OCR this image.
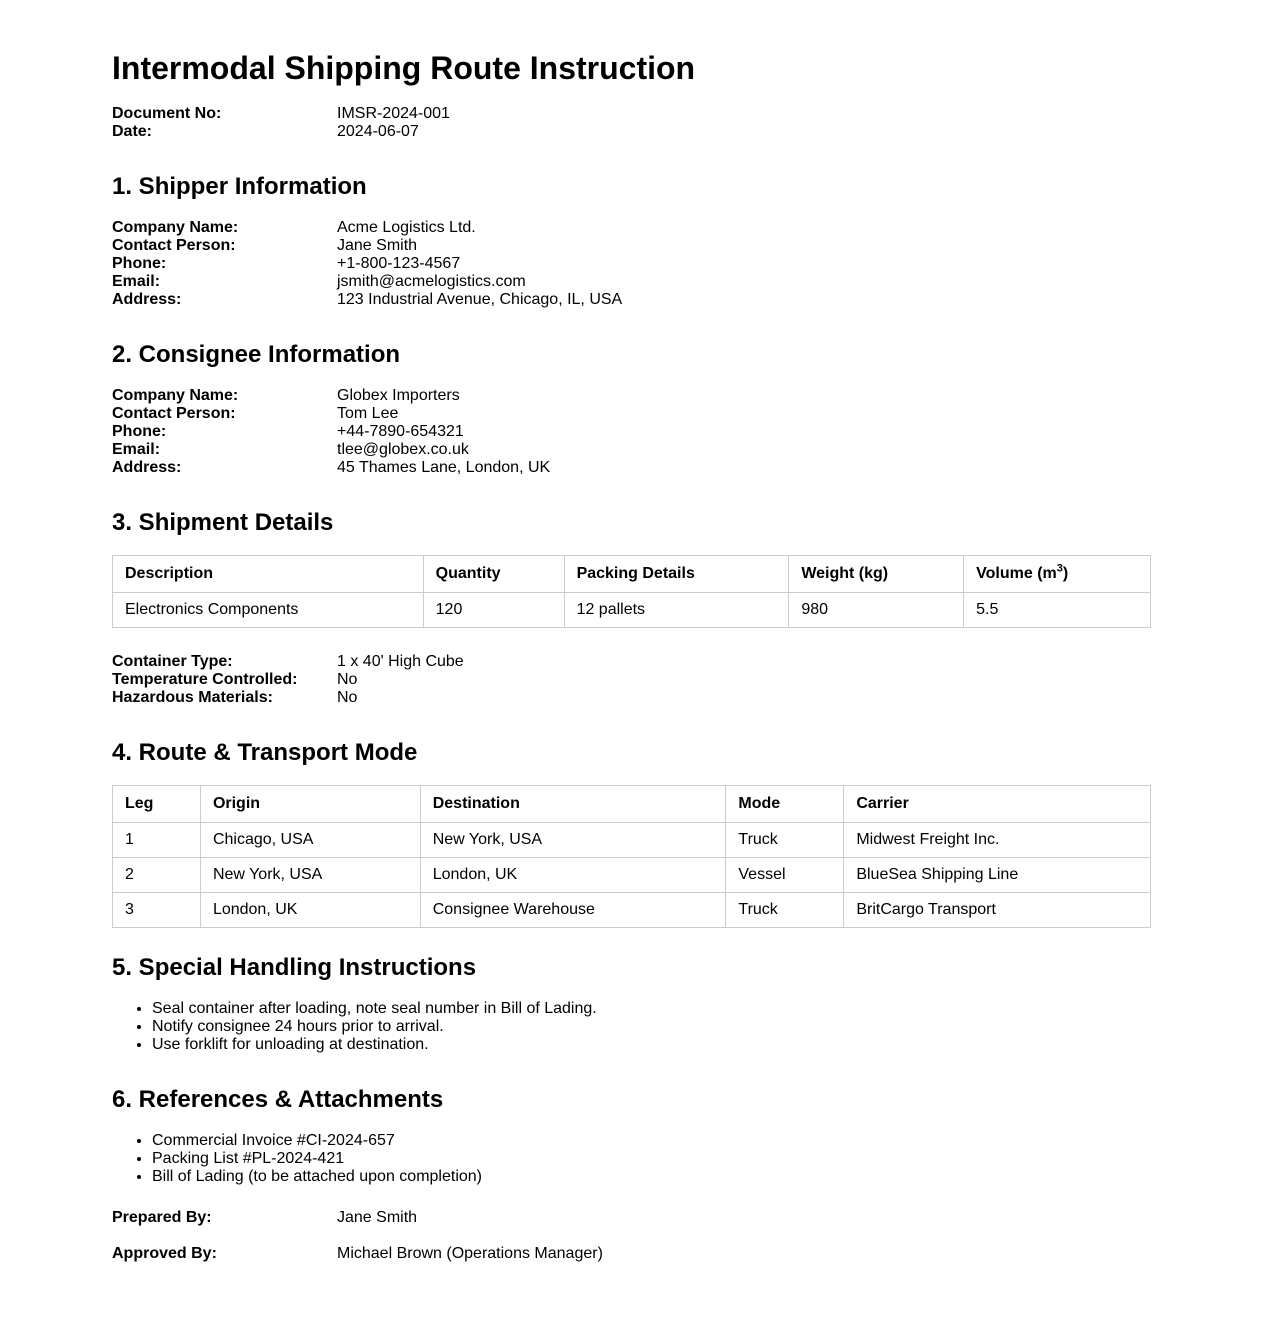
Intermodal Shipping Route Instruction
Document No:	IMSR-2024-001
Date:	2024-06-07
1. Shipper Information
Company Name:	Acme Logistics Ltd.
Contact Person:	Jane Smith
Phone:	+1-800-123-4567
Email:	jsmith@acmelogistics.com
Address:	123 Industrial Avenue, Chicago, IL, USA
2. Consignee Information
Company Name:	Globex Importers
Contact Person:	Tom Lee
Phone:	+44-7890-654321
Email:	tlee@globex.co.uk
Address:	45 Thames Lane, London, UK
3. Shipment Details
Description	Quantity	Packing Details	Weight (kg)	Volume $(m^3)$
Electronics Components	120	12 pallets	980	5.5
Container Type:	1 x 40' High Cube
Temperature Controlled:	No
Hazardous Materials:	No
4. Route & Transport Mode
Leg	Origin	Destination	Mode	Carrier
1	Chicago, USA	New York, USA	Truck	Midwest Freight Inc.
2	New York, USA	London, UK	Vessel	BlueSea Shipping Line
3	London, UK	Consignee Warehouse	Truck	BritCargo Transport
5. Special Handling Instructions
• Seal container after loading, note seal number in Bill of Lading.
• Notify consignee 24 hours prior to arrival.
• Use forklift for unloading at destination.
6. References & Attachments
• Commercial Invoice #CI-2024-657
• Packing List #PL-2024-421
• Bill of Lading (to be attached upon completion)
Prepared By:	Jane Smith
Approved By:	Michael Brown (Operations Manager)
